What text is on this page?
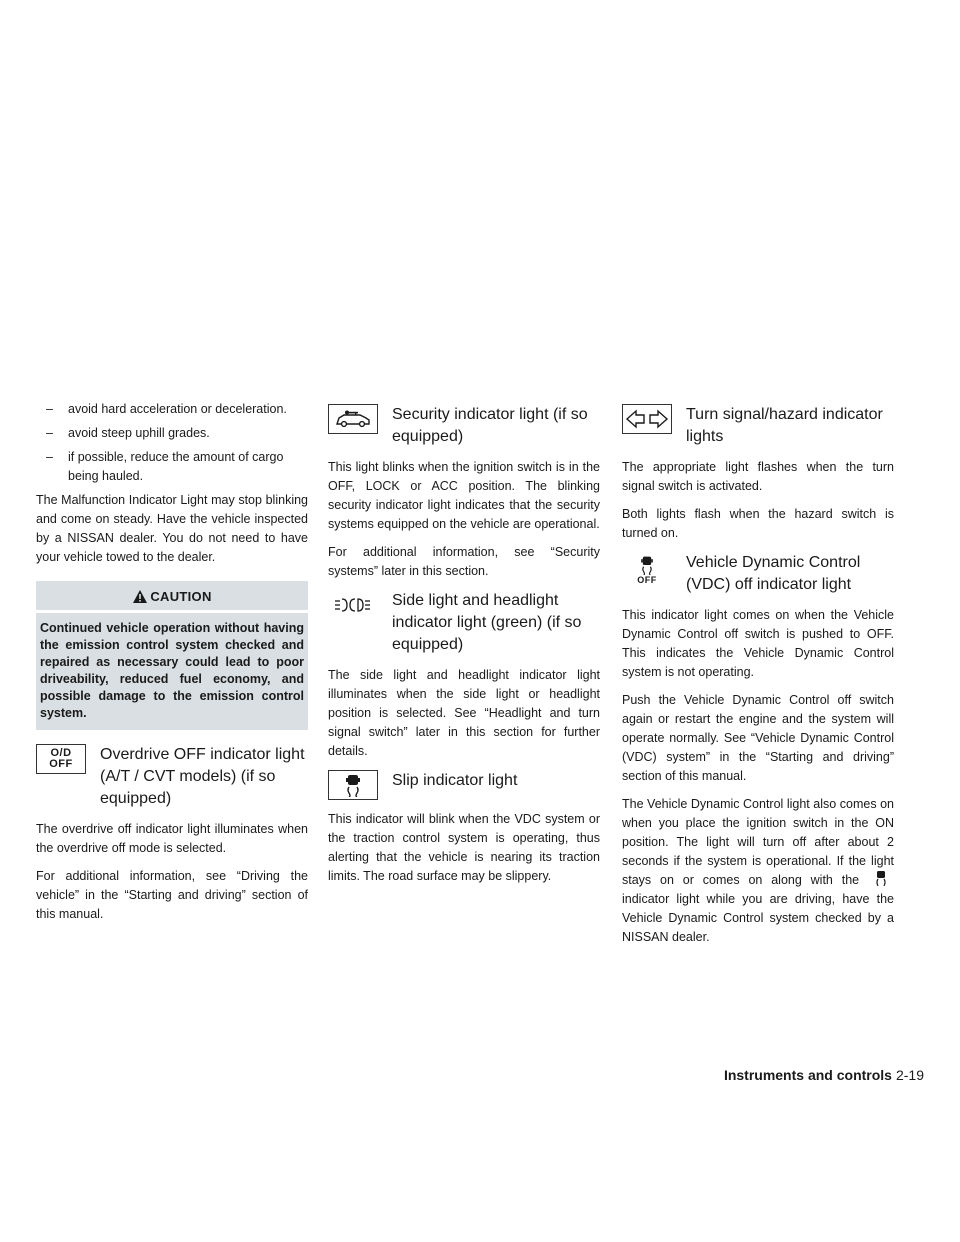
– avoid hard acceleration or deceleration.
– avoid steep uphill grades.
– if possible, reduce the amount of cargo being hauled.

The Malfunction Indicator Light may stop blinking and come on steady. Have the vehicle inspected by a NISSAN dealer. You do not need to have your vehicle towed to the dealer.

CAUTION
Continued vehicle operation without having the emission control system checked and repaired as necessary could lead to poor driveability, reduced fuel economy, and possible damage to the emission control system.
O/D
OFF
Overdrive OFF indicator light (A/T / CVT models) (if so equipped)

The overdrive off indicator light illuminates when the overdrive off mode is selected.

For additional information, see “Driving the vehicle” in the “Starting and driving” section of this manual.

Security indicator light (if so equipped)

This light blinks when the ignition switch is in the OFF, LOCK or ACC position. The blinking security indicator light indicates that the security systems equipped on the vehicle are operational.

For additional information, see “Security systems” later in this section.

Side light and headlight indicator light (green) (if so equipped)

The side light and headlight indicator light illuminates when the side light or headlight position is selected. See “Headlight and turn signal switch” later in this section for further details.

Slip indicator light

This indicator will blink when the VDC system or the traction control system is operating, thus alerting that the vehicle is nearing its traction limits. The road surface may be slippery.

Turn signal/hazard indicator lights

The appropriate light flashes when the turn signal switch is activated.

Both lights flash when the hazard switch is turned on.

OFF
Vehicle Dynamic Control (VDC) off indicator light

This indicator light comes on when the Vehicle Dynamic Control off switch is pushed to OFF. This indicates the Vehicle Dynamic Control system is not operating.

Push the Vehicle Dynamic Control off switch again or restart the engine and the system will operate normally. See “Vehicle Dynamic Control (VDC) system” in the “Starting and driving” section of this manual.

The Vehicle Dynamic Control light also comes on when you place the ignition switch in the ON position. The light will turn off after about 2 seconds if the system is operational. If the light stays on or comes on along with the  indicator light while you are driving, have the Vehicle Dynamic Control system checked by a NISSAN dealer.

Instruments and controls 2-19
